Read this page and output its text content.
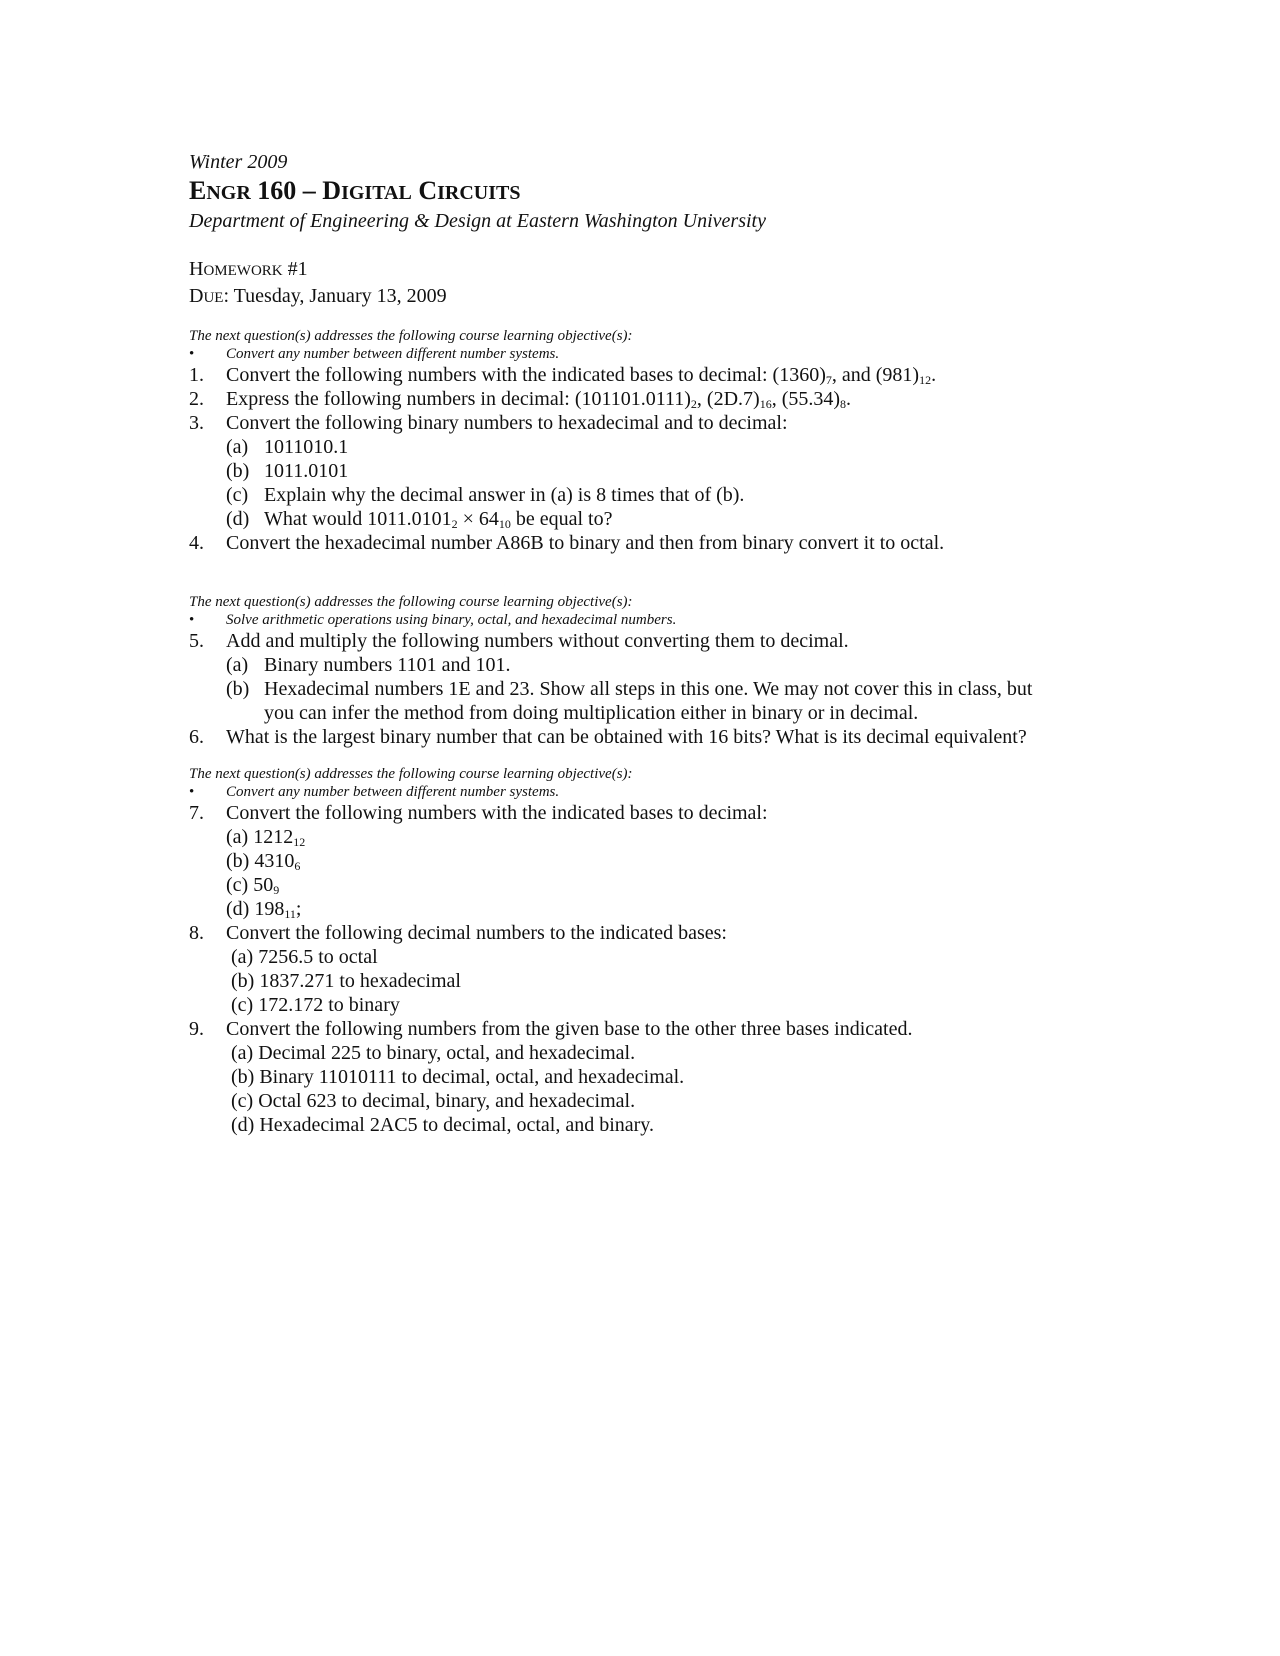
Winter 2009
ENGR 160 – DIGITAL CIRCUITS
Department of Engineering & Design at Eastern Washington University
HOMEWORK #1
DUE: Tuesday, January 13, 2009
The next question(s) addresses the following course learning objective(s):
• Convert any number between different number systems.
1. Convert the following numbers with the indicated bases to decimal: $(1360)_7$, and $(981)_{12}$.
2. Express the following numbers in decimal: $(101101.0111)_2$, $(2D.7)_{16}$, $(55.34)_8$.
3. Convert the following binary numbers to hexadecimal and to decimal:
(a) 1011010.1
(b) 1011.0101
(c) Explain why the decimal answer in (a) is 8 times that of (b).
(d) What would $1011.0101_2 \times 64_{10}$ be equal to?
4. Convert the hexadecimal number A86B to binary and then from binary convert it to octal.
The next question(s) addresses the following course learning objective(s):
• Solve arithmetic operations using binary, octal, and hexadecimal numbers.
5. Add and multiply the following numbers without converting them to decimal.
(a) Binary numbers 1101 and 101.
(b) Hexadecimal numbers 1E and 23. Show all steps in this one. We may not cover this in class, but
you can infer the method from doing multiplication either in binary or in decimal.
6. What is the largest binary number that can be obtained with 16 bits? What is its decimal equivalent?
The next question(s) addresses the following course learning objective(s):
• Convert any number between different number systems.
7. Convert the following numbers with the indicated bases to decimal:
(a) $1212_{12}$
(b) $4310_6$
(c) $50_9$
(d) $198_{11}$;
8. Convert the following decimal numbers to the indicated bases:
(a) 7256.5 to octal
(b) 1837.271 to hexadecimal
(c) 172.172 to binary
9. Convert the following numbers from the given base to the other three bases indicated.
(a) Decimal 225 to binary, octal, and hexadecimal.
(b) Binary 11010111 to decimal, octal, and hexadecimal.
(c) Octal 623 to decimal, binary, and hexadecimal.
(d) Hexadecimal 2AC5 to decimal, octal, and binary.
